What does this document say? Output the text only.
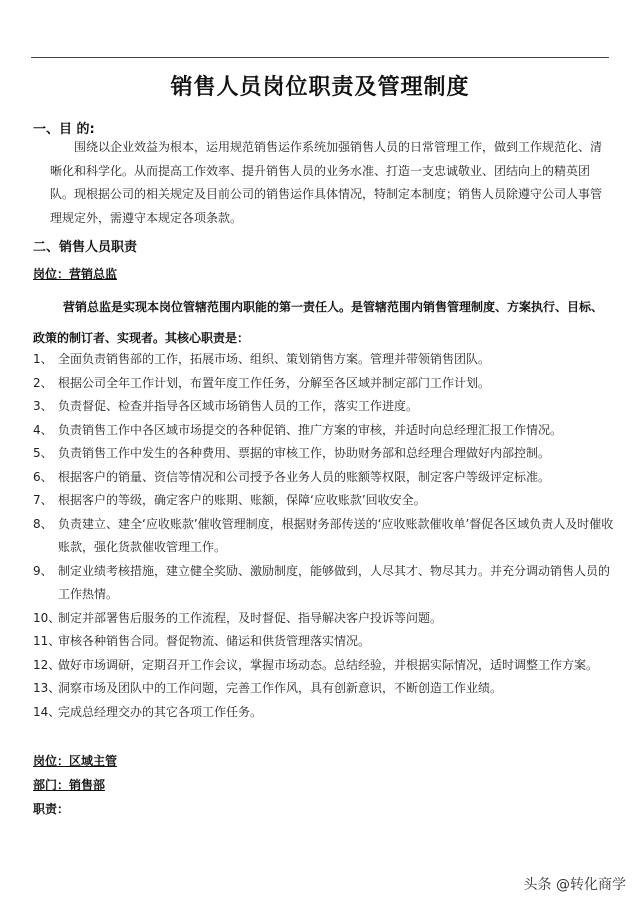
销售人员岗位职责及管理制度
一、目 的:
围绕以企业效益为根本，运用规范销售运作系统加强销售人员的日常管理工作，做到工作规范化、清晰化和科学化。从而提高工作效率、提升销售人员的业务水准、打造一支忠诚敬业、团结向上的精英团队。现根据公司的相关规定及目前公司的销售运作具体情况，特制定本制度；销售人员除遵守公司人事管理规定外，需遵守本规定各项条款。
二、销售人员职责
岗位：营销总监
营销总监是实现本岗位管辖范围内职能的第一责任人。是管辖范围内销售管理制度、方案执行、目标、政策的制订者、实现者。其核心职责是：
1、 全面负责销售部的工作，拓展市场、组织、策划销售方案。管理并带领销售团队。
2、 根据公司全年工作计划，布置年度工作任务，分解至各区域并制定部门工作计划。
3、 负责督促、检查并指导各区域市场销售人员的工作，落实工作进度。
4、 负责销售工作中各区域市场提交的各种促销、推广方案的审核，并适时向总经理汇报工作情况。
5、 负责销售工作中发生的各种费用、票据的审核工作，协助财务部和总经理合理做好内部控制。
6、 根据客户的销量、资信等情况和公司授予各业务人员的账额等权限，制定客户等级评定标准。
7、 根据客户的等级，确定客户的账期、账额，保障‘应收账款’回收安全。
8、 负责建立、建全‘应收账款’催收管理制度，根据财务部传送的‘应收账款催收单’督促各区域负责人及时催收账款，强化货款催收管理工作。
9、 制定业绩考核措施，建立健全奖励、激励制度，能够做到，人尽其才、物尽其力。并充分调动销售人员的工作热情。
10、
制定并部署售后服务的工作流程，及时督促、指导解决客户投诉等问题。
11、
审核各种销售合同。督促物流、储运和供货管理落实情况。
12、
做好市场调研，定期召开工作会议，掌握市场动态。总结经验，并根据实际情况，适时调整工作方案。
13、
洞察市场及团队中的工作问题，完善工作作风，具有创新意识，不断创造工作业绩。
14、
完成总经理交办的其它各项工作任务。
岗位：区域主管
部门：销售部
职责：
头条 @转化商学
